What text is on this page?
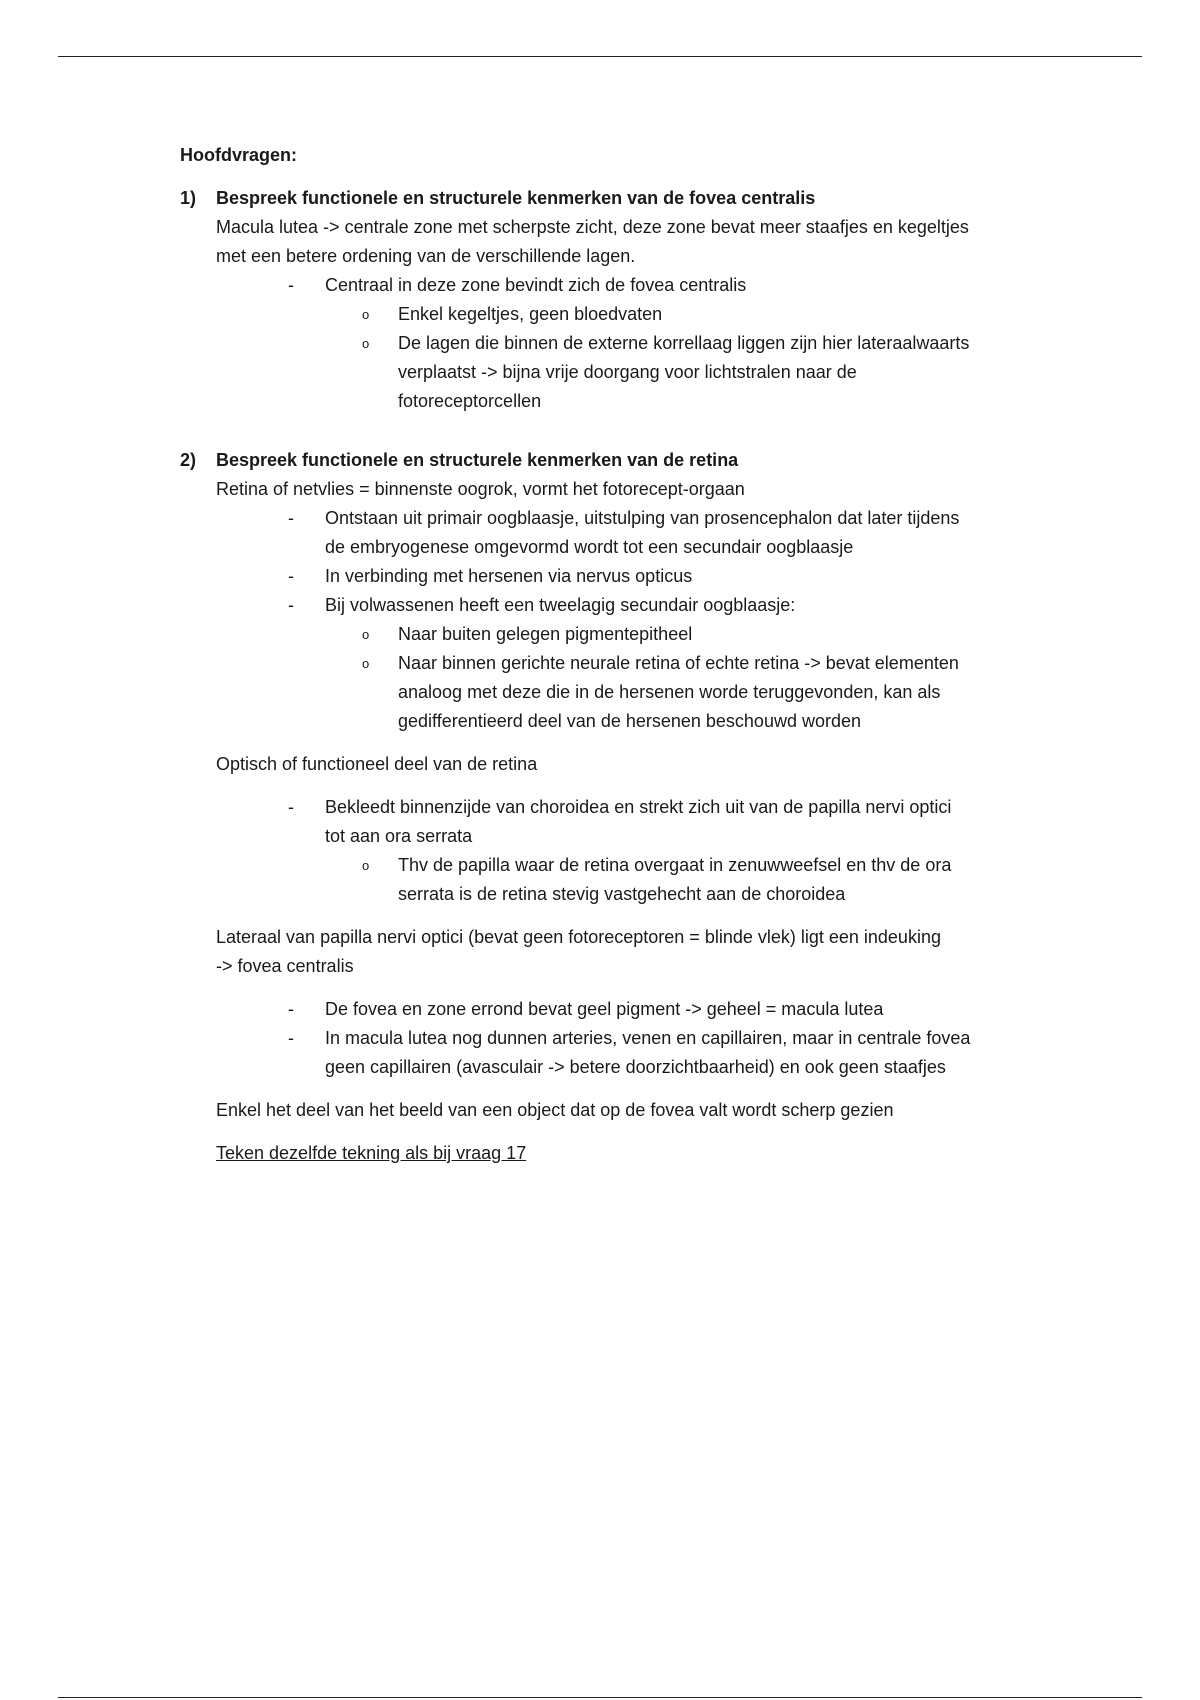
Hoofdvragen:
1) Bespreek functionele en structurele kenmerken van de fovea centralis
Macula lutea -> centrale zone met scherpste zicht, deze zone bevat meer staafjes en kegeltjes
met een betere ordening van de verschillende lagen.
- Centraal in deze zone bevindt zich de fovea centralis
o Enkel kegeltjes, geen bloedvaten
o De lagen die binnen de externe korrellaag liggen zijn hier lateraalwaarts
verplaatst -> bijna vrije doorgang voor lichtstralen naar de
fotoreceptorcellen
2) Bespreek functionele en structurele kenmerken van de retina
Retina of netvlies = binnenste oogrok, vormt het fotorecept-orgaan
- Ontstaan uit primair oogblaasje, uitstulping van prosencephalon dat later tijdens
de embryogenese omgevormd wordt tot een secundair oogblaasje
- In verbinding met hersenen via nervus opticus
- Bij volwassenen heeft een tweelagig secundair oogblaasje:
o Naar buiten gelegen pigmentepitheel
o Naar binnen gerichte neurale retina of echte retina -> bevat elementen
analoog met deze die in de hersenen worde teruggevonden, kan als
gedifferentieerd deel van de hersenen beschouwd worden
Optisch of functioneel deel van de retina
- Bekleedt binnenzijde van choroidea en strekt zich uit van de papilla nervi optici
tot aan ora serrata
o Thv de papilla waar de retina overgaat in zenuwweefsel en thv de ora
serrata is de retina stevig vastgehecht aan de choroidea
Lateraal van papilla nervi optici (bevat geen fotoreceptoren = blinde vlek) ligt een indeuking
-> fovea centralis
- De fovea en zone errond bevat geel pigment -> geheel = macula lutea
- In macula lutea nog dunnen arteries, venen en capillairen, maar in centrale fovea
geen capillairen (avasculair -> betere doorzichtbaarheid) en ook geen staafjes
Enkel het deel van het beeld van een object dat op de fovea valt wordt scherp gezien
Teken dezelfde tekning als bij vraag 17
